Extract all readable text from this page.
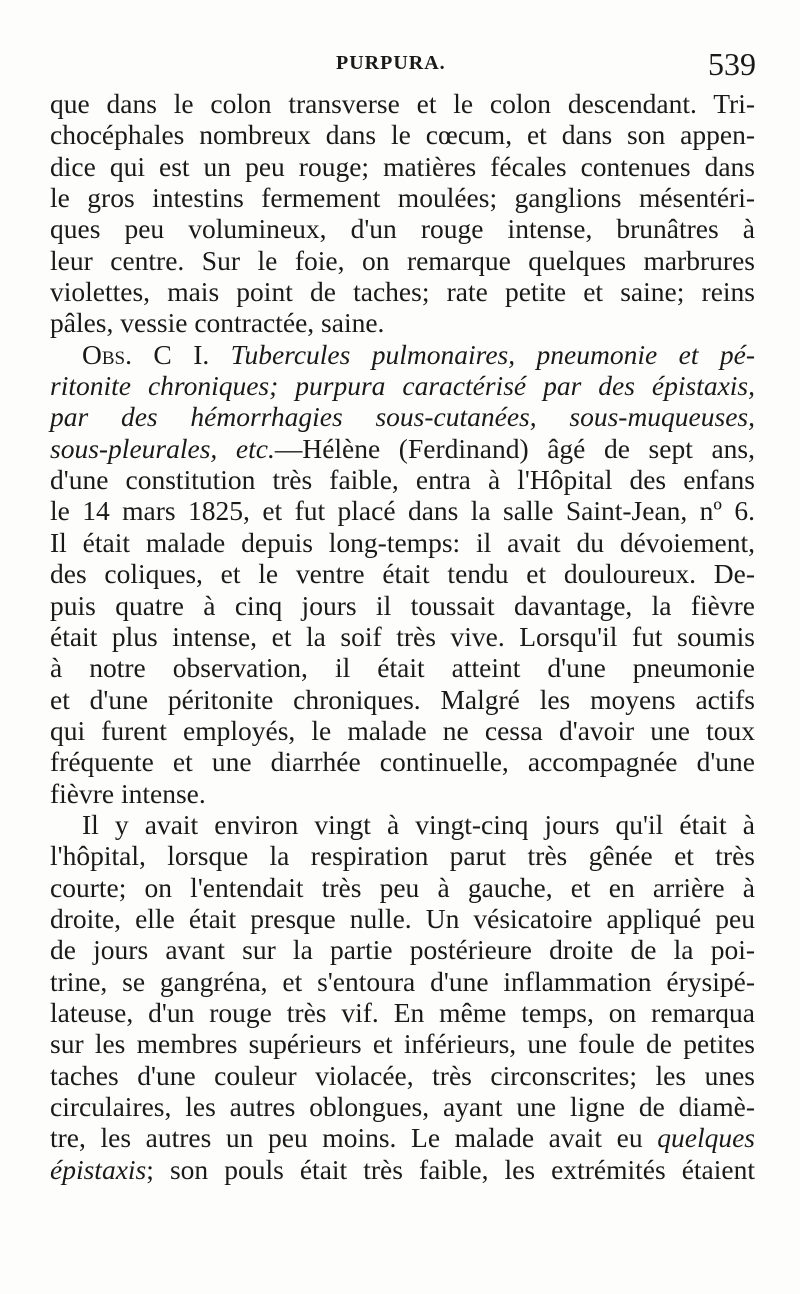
PURPURA.	539

que dans le colon transverse et le colon descendant. Tri-
chocéphales nombreux dans le cœcum, et dans son appen-
dice qui est un peu rouge; matières fécales contenues dans
le gros intestins fermement moulées; ganglions mésentéri-
ques peu volumineux, d'un rouge intense, brunâtres à
leur centre. Sur le foie, on remarque quelques marbrures
violettes, mais point de taches; rate petite et saine; reins
pâles, vessie contractée, saine.

Obs. C I. Tubercules pulmonaires, pneumonie et pé-
ritonite chroniques; purpura caractérisé par des épistaxis,
par des hémorrhagies sous-cutanées, sous-muqueuses,
sous-pleurales, etc.—Hélène (Ferdinand) âgé de sept ans,
d'une constitution très faible, entra à l'Hôpital des enfans
le 14 mars 1825, et fut placé dans la salle Saint-Jean, nº 6.
Il était malade depuis long-temps: il avait du dévoiement,
des coliques, et le ventre était tendu et douloureux. De-
puis quatre à cinq jours il toussait davantage, la fièvre
était plus intense, et la soif très vive. Lorsqu'il fut soumis
à notre observation, il était atteint d'une pneumonie
et d'une péritonite chroniques. Malgré les moyens actifs
qui furent employés, le malade ne cessa d'avoir une toux
fréquente et une diarrhée continuelle, accompagnée d'une
fièvre intense.

Il y avait environ vingt à vingt-cinq jours qu'il était à
l'hôpital, lorsque la respiration parut très gênée et très
courte; on l'entendait très peu à gauche, et en arrière à
droite, elle était presque nulle. Un vésicatoire appliqué peu
de jours avant sur la partie postérieure droite de la poi-
trine, se gangréna, et s'entoura d'une inflammation érysipé-
lateuse, d'un rouge très vif. En même temps, on remarqua
sur les membres supérieurs et inférieurs, une foule de petites
taches d'une couleur violacée, très circonscrites; les unes
circulaires, les autres oblongues, ayant une ligne de diamè-
tre, les autres un peu moins. Le malade avait eu quelques
épistaxis; son pouls était très faible, les extrémités étaient
